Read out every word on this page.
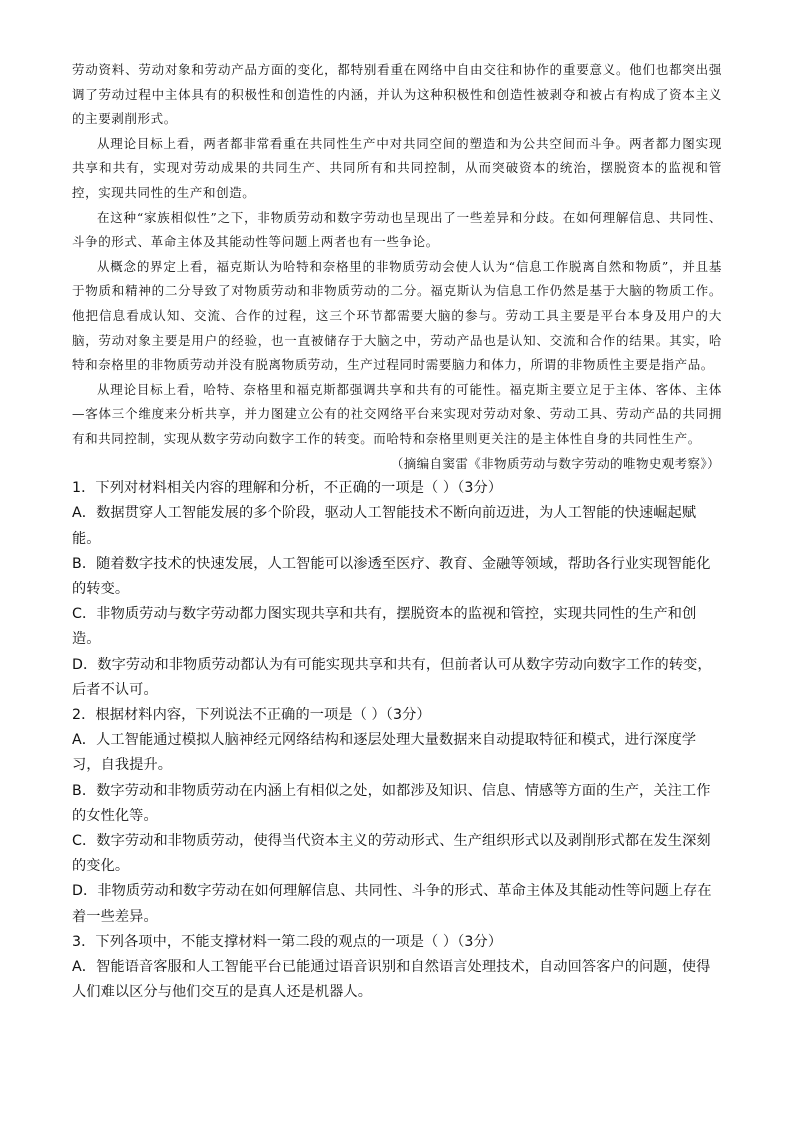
劳动资料、劳动对象和劳动产品方面的变化，都特别看重在网络中自由交往和协作的重要意义。他们也都突出强调了劳动过程中主体具有的积极性和创造性的内涵，并认为这种积极性和创造性被剥夺和被占有构成了资本主义的主要剥削形式。

从理论目标上看，两者都非常看重在共同性生产中对共同空间的塑造和为公共空间而斗争。两者都力图实现共享和共有，实现对劳动成果的共同生产、共同所有和共同控制，从而突破资本的统治，摆脱资本的监视和管控，实现共同性的生产和创造。

在这种“家族相似性”之下，非物质劳动和数字劳动也呈现出了一些差异和分歧。在如何理解信息、共同性、斗争的形式、革命主体及其能动性等问题上两者也有一些争论。

从概念的界定上看，福克斯认为哈特和奈格里的非物质劳动会使人认为“信息工作脱离自然和物质”，并且基于物质和精神的二分导致了对物质劳动和非物质劳动的二分。福克斯认为信息工作仍然是基于大脑的物质工作。他把信息看成认知、交流、合作的过程，这三个环节都需要大脑的参与。劳动工具主要是平台本身及用户的大脑，劳动对象主要是用户的经验，也一直被储存于大脑之中，劳动产品也是认知、交流和合作的结果。其实，哈特和奈格里的非物质劳动并没有脱离物质劳动，生产过程同时需要脑力和体力，所谓的非物质性主要是指产品。

从理论目标上看，哈特、奈格里和福克斯都强调共享和共有的可能性。福克斯主要立足于主体、客体、主体—客体三个维度来分析共享，并力图建立公有的社交网络平台来实现对劳动对象、劳动工具、劳动产品的共同拥有和共同控制，实现从数字劳动向数字工作的转变。而哈特和奈格里则更关注的是主体性自身的共同性生产。

（摘编自窦雷《非物质劳动与数字劳动的唯物史观考察》）

1．下列对材料相关内容的理解和分析，不正确的一项是（ ）（3分）

A．数据贯穿人工智能发展的多个阶段，驱动人工智能技术不断向前迈进，为人工智能的快速崛起赋能。

B．随着数字技术的快速发展，人工智能可以渗透至医疗、教育、金融等领域，帮助各行业实现智能化的转变。

C．非物质劳动与数字劳动都力图实现共享和共有，摆脱资本的监视和管控，实现共同性的生产和创造。

D．数字劳动和非物质劳动都认为有可能实现共享和共有，但前者认可从数字劳动向数字工作的转变，后者不认可。

2．根据材料内容，下列说法不正确的一项是（ ）（3分）

A．人工智能通过模拟人脑神经元网络结构和逐层处理大量数据来自动提取特征和模式，进行深度学习，自我提升。

B．数字劳动和非物质劳动在内涵上有相似之处，如都涉及知识、信息、情感等方面的生产，关注工作的女性化等。

C．数字劳动和非物质劳动，使得当代资本主义的劳动形式、生产组织形式以及剥削形式都在发生深刻的变化。

D．非物质劳动和数字劳动在如何理解信息、共同性、斗争的形式、革命主体及其能动性等问题上存在着一些差异。

3．下列各项中，不能支撑材料一第二段的观点的一项是（ ）（3分）

A．智能语音客服和人工智能平台已能通过语音识别和自然语言处理技术，自动回答客户的问题，使得人们难以区分与他们交互的是真人还是机器人。
